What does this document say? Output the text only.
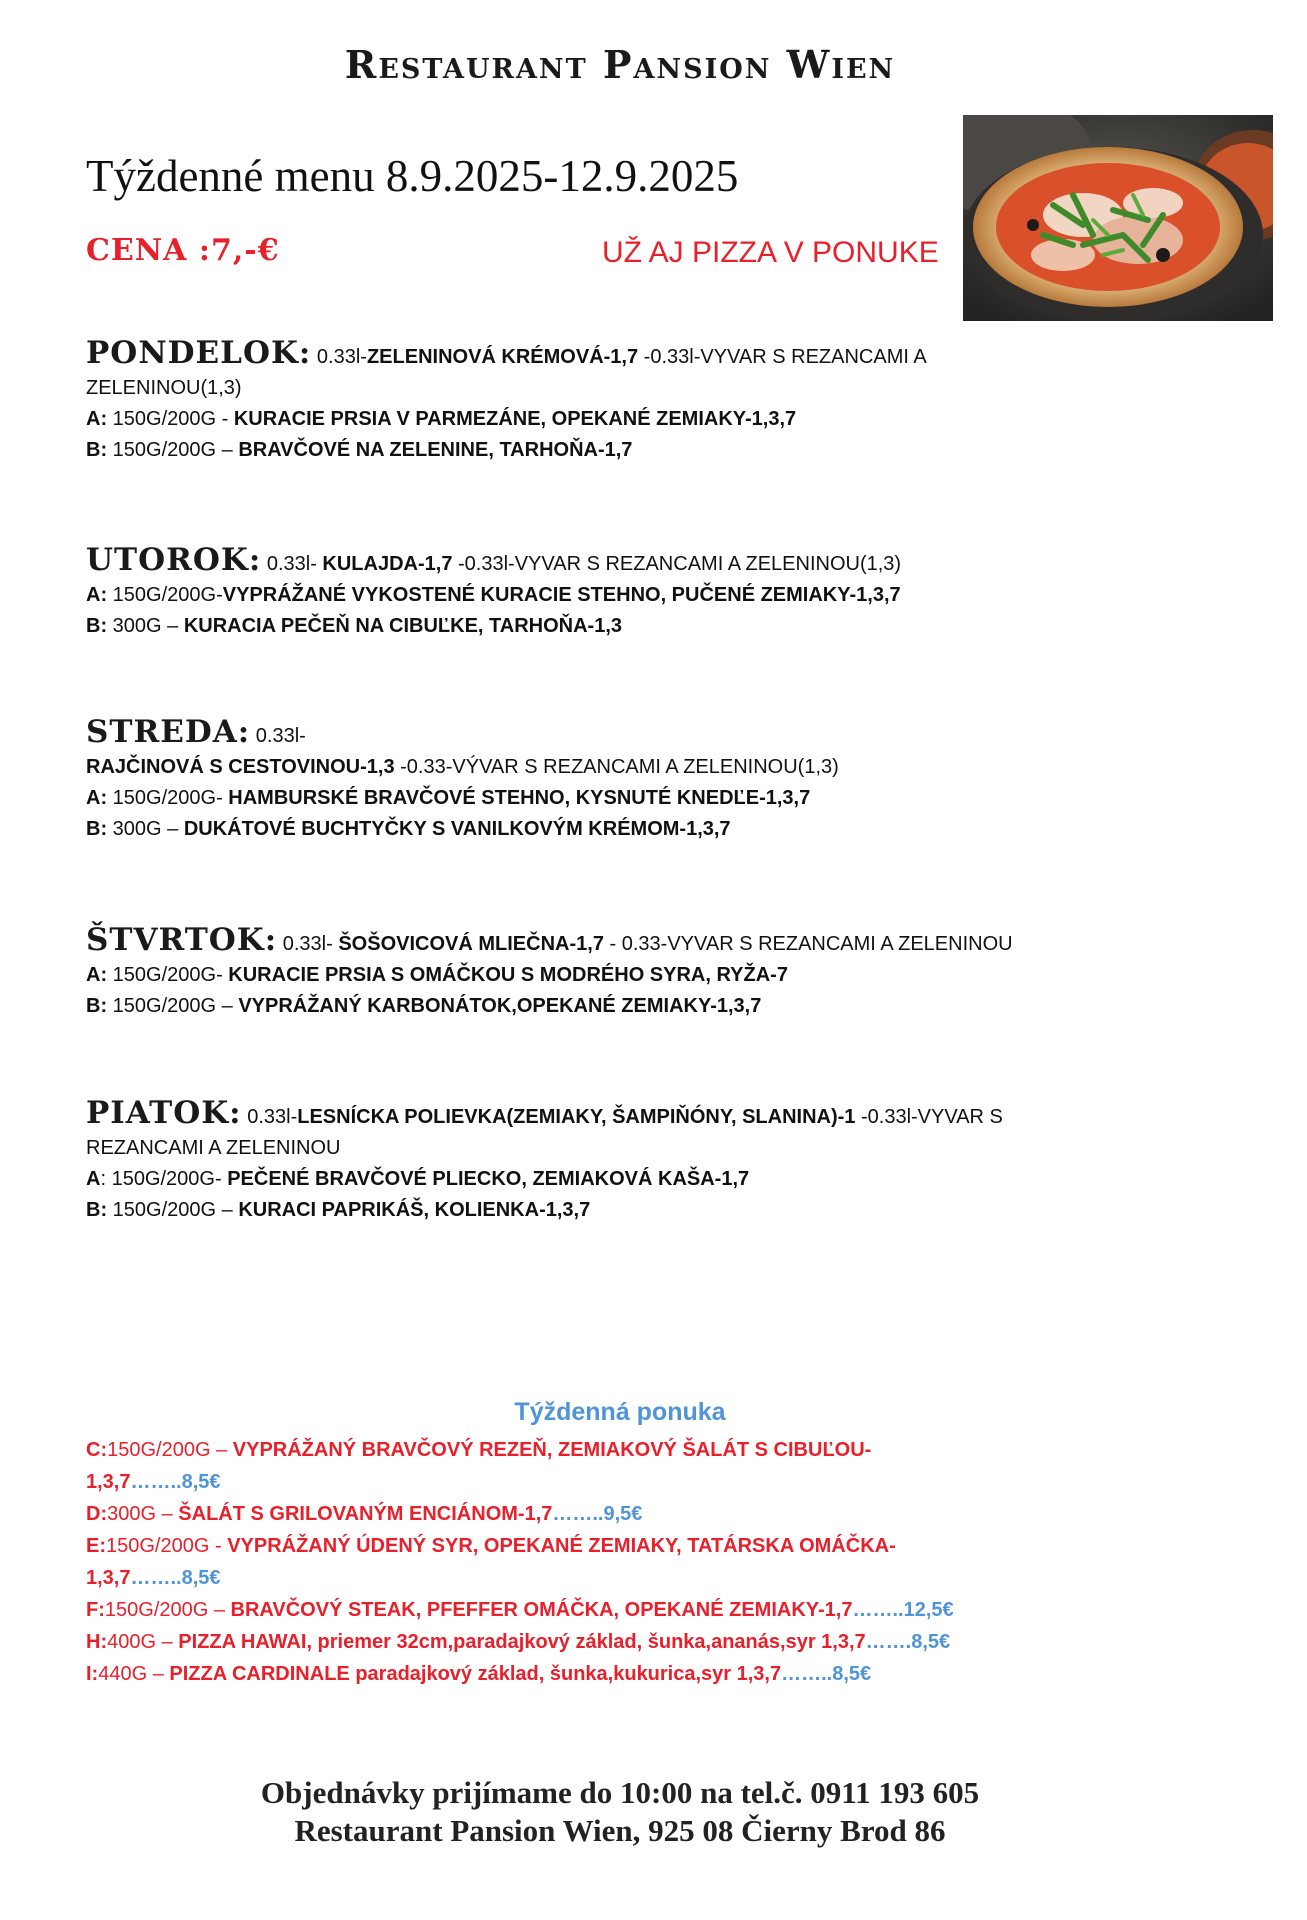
Restaurant Pansion Wien
Týždenné menu 8.9.2025-12.9.2025
CENA :7,-€	UŽ AJ PIZZA V PONUKE
PONDELOK: 0.33l-ZELENINOVÁ KRÉMOVÁ-1,7 -0.33l-VYVAR S REZANCAMI A
ZELENINOU(1,3)
A: 150G/200G - KURACIE PRSIA V PARMEZÁNE, OPEKANÉ ZEMIAKY-1,3,7
B: 150G/200G – BRAVČOVÉ NA ZELENINE, TARHOŇA-1,7
UTOROK: 0.33l- KULAJDA-1,7 -0.33l-VYVAR S REZANCAMI A ZELENINOU(1,3)
A: 150G/200G-VYPRÁŽANÉ VYKOSTENÉ KURACIE STEHNO, PUČENÉ ZEMIAKY-1,3,7
B: 300G – KURACIA PEČEŇ NA CIBUĽKE, TARHOŇA-1,3
STREDA: 0.33l-
RAJČINOVÁ S CESTOVINOU-1,3 -0.33-VÝVAR S REZANCAMI A ZELENINOU(1,3)
A: 150G/200G- HAMBURSKÉ BRAVČOVÉ STEHNO, KYSNUTÉ KNEDĽE-1,3,7
B: 300G – DUKÁTOVÉ BUCHTYČKY S VANILKOVÝM KRÉMOM-1,3,7
ŠTVRTOK: 0.33l- ŠOŠOVICOVÁ MLIEČNA-1,7 - 0.33-VYVAR S REZANCAMI A ZELENINOU
A: 150G/200G- KURACIE PRSIA S OMÁČKOU S MODRÉHO SYRA, RYŽA-7
B: 150G/200G – VYPRÁŽANÝ KARBONÁTOK,OPEKANÉ ZEMIAKY-1,3,7
PIATOK: 0.33l-LESNÍCKA POLIEVKA(ZEMIAKY, ŠAMPIŇÓNY, SLANINA)-1 -0.33l-VYVAR S
REZANCAMI A ZELENINOU
A: 150G/200G- PEČENÉ BRAVČOVÉ PLIECKO, ZEMIAKOVÁ KAŠA-1,7
B: 150G/200G – KURACI PAPRIKÁŠ, KOLIENKA-1,3,7
Týždenná ponuka
C:150G/200G – VYPRÁŽANÝ BRAVČOVÝ REZEŇ, ZEMIAKOVÝ ŠALÁT S CIBUĽOU-
1,3,7……..8,5€
D:300G – ŠALÁT S GRILOVANÝM ENCIÁNOM-1,7……..9,5€
E:150G/200G - VYPRÁŽANÝ ÚDENÝ SYR, OPEKANÉ ZEMIAKY, TATÁRSKA OMÁČKA-
1,3,7……..8,5€
F:150G/200G – BRAVČOVÝ STEAK, PFEFFER OMÁČKA, OPEKANÉ ZEMIAKY-1,7……..12,5€
H:400G – PIZZA HAWAI, priemer 32cm,paradajkový základ, šunka,ananás,syr 1,3,7…….8,5€
I:440G – PIZZA CARDINALE paradajkový základ, šunka,kukurica,syr 1,3,7……..8,5€
Objednávky prijímame do 10:00 na tel.č. 0911 193 605
Restaurant Pansion Wien, 925 08 Čierny Brod 86
